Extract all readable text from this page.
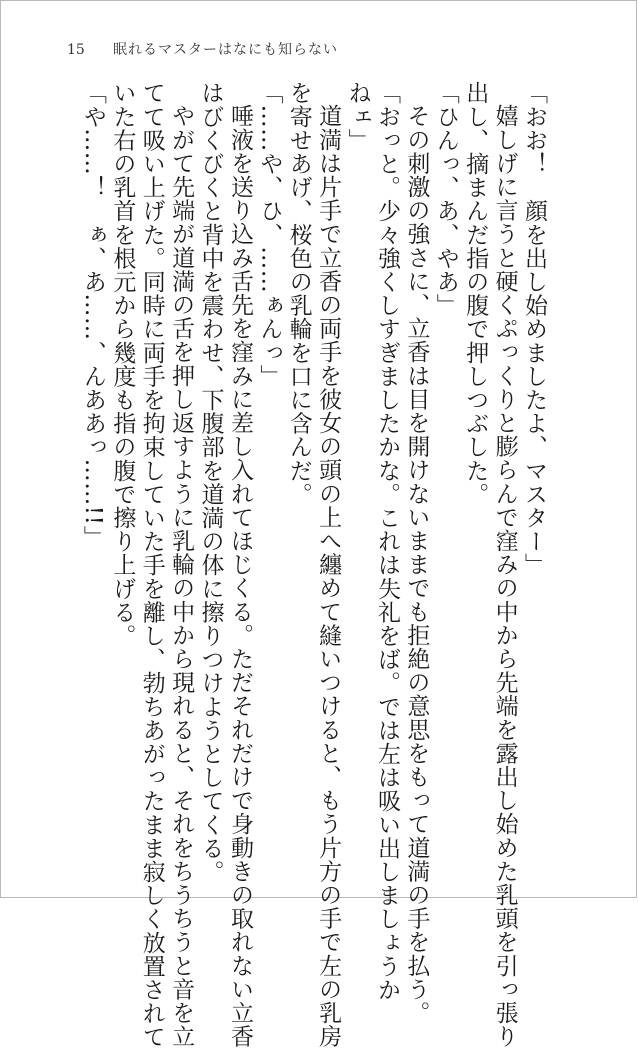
15 眠れるマスターはなにも知らない
「おお！　顔を出し始めましたよ、マスター」
嬉しげに言うと硬くぷっくりと膨らんで窪みの中から先端を露出し始めた乳頭を引っ張り
出し、摘まんだ指の腹で押しつぶした。
「ひんっ、あ、やあ」
その刺激の強さに、立香は目を開けないままでも拒絶の意思をもって道満の手を払う。
「おっと。少々強くしすぎましたかな。これは失礼をば。では左は吸い出しましょうか
ねェ」
道満は片手で立香の両手を彼女の頭の上へ纏めて縫いつけると、もう片方の手で左の乳房
を寄せあげ、桜色の乳輪を口に含んだ。
「……や、ひ、……ぁんっ」
唾液を送り込み舌先を窪みに差し入れてほじくる。ただそれだけで身動きの取れない立香
はびくびくと背中を震わせ、下腹部を道満の体に擦りつけようとしてくる。
やがて先端が道満の舌を押し返すように乳輪の中から現れると、それをちうちうと音を立
てて吸い上げた。同時に両手を拘束していた手を離し、勃ちあがったまま寂しく放置されて
いた右の乳首を根元から幾度も指の腹で擦り上げる。
「や……！　ぁ、あ……、んああっ……!!」
